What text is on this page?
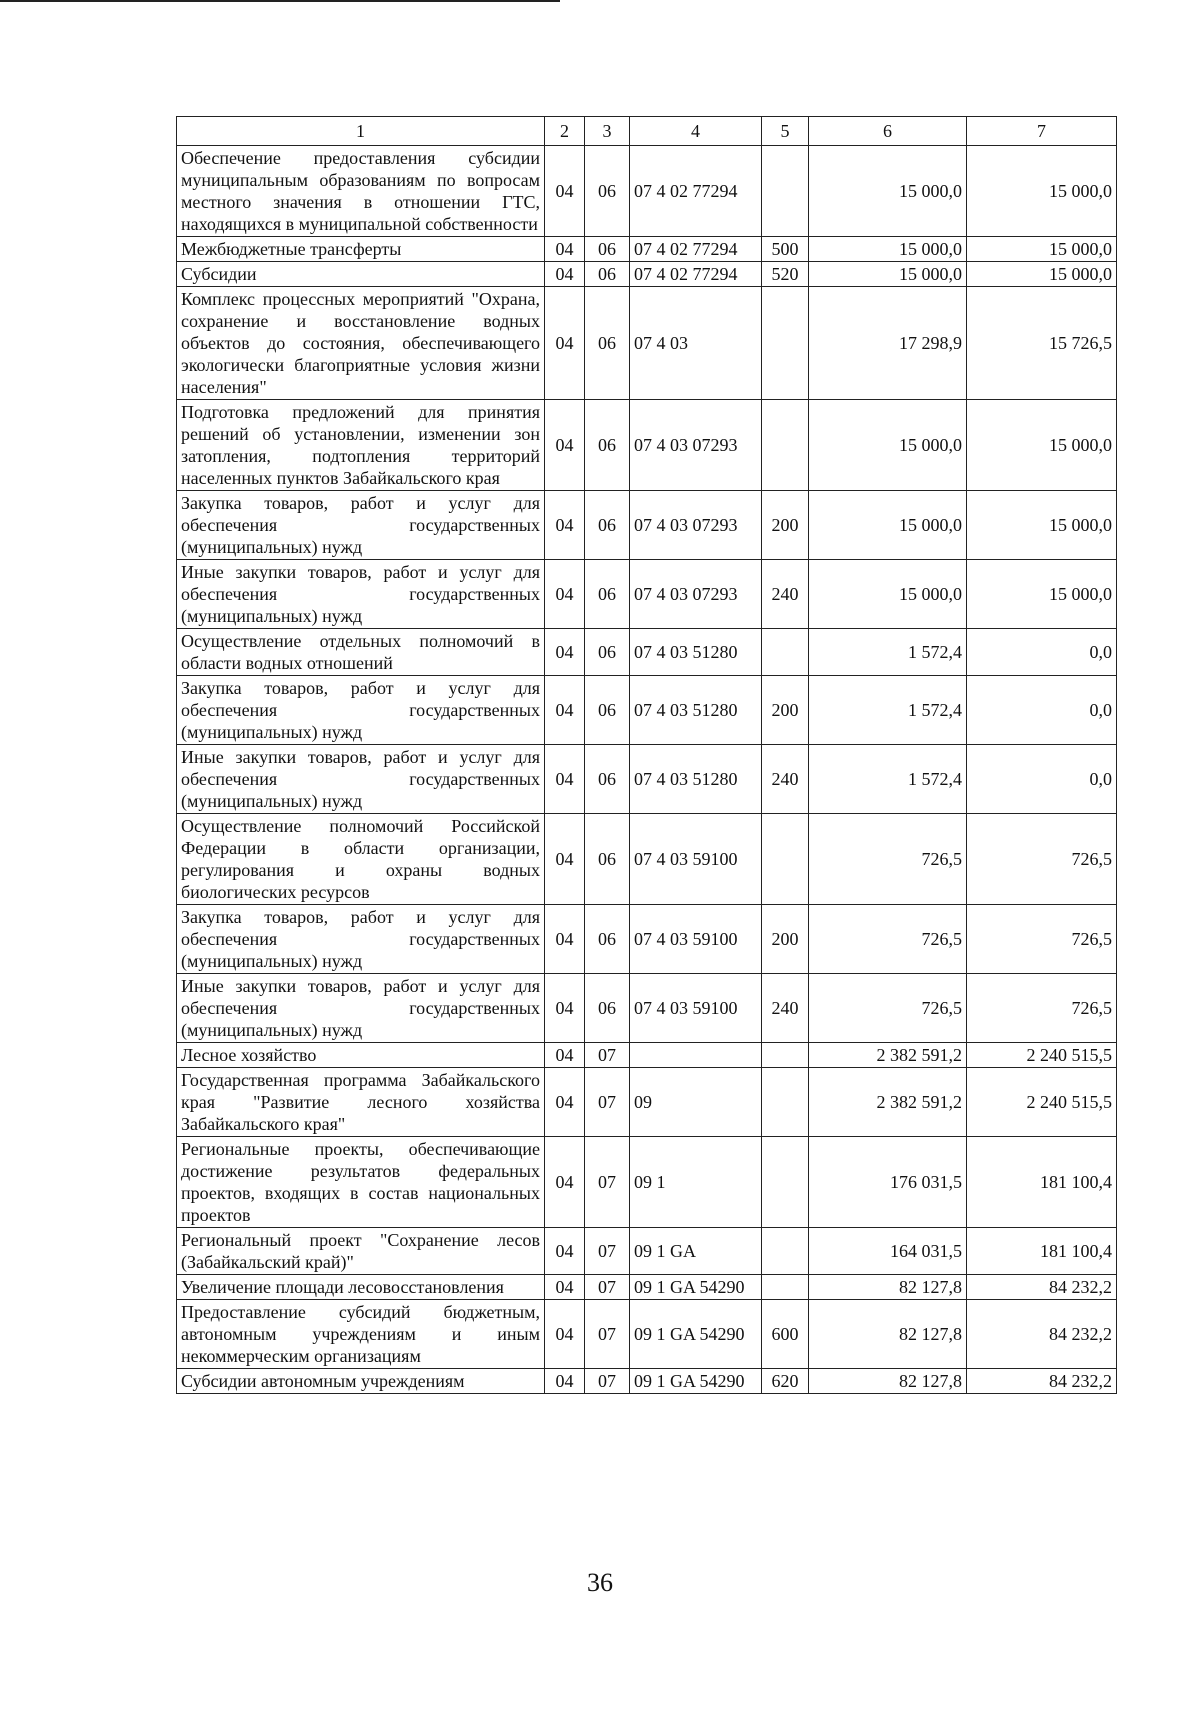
1	2	3	4	5	6	7
Обеспечение предоставления субсидии муниципальным образованиям по вопросам местного значения в отношении ГТС, находящихся в муниципальной собственности	04	06	07 4 02 77294		15 000,0	15 000,0
Межбюджетные трансферты	04	06	07 4 02 77294	500	15 000,0	15 000,0
Субсидии	04	06	07 4 02 77294	520	15 000,0	15 000,0
Комплекс процессных мероприятий "Охрана, сохранение и восстановление водных объектов до состояния, обеспечивающего экологически благоприятные условия жизни населения"	04	06	07 4 03		17 298,9	15 726,5
Подготовка предложений для принятия решений об установлении, изменении зон затопления, подтопления территорий населенных пунктов Забайкальского края	04	06	07 4 03 07293		15 000,0	15 000,0
Закупка товаров, работ и услуг для обеспечения государственных (муниципальных) нужд	04	06	07 4 03 07293	200	15 000,0	15 000,0
Иные закупки товаров, работ и услуг для обеспечения государственных (муниципальных) нужд	04	06	07 4 03 07293	240	15 000,0	15 000,0
Осуществление отдельных полномочий в области водных отношений	04	06	07 4 03 51280		1 572,4	0,0
Закупка товаров, работ и услуг для обеспечения государственных (муниципальных) нужд	04	06	07 4 03 51280	200	1 572,4	0,0
Иные закупки товаров, работ и услуг для обеспечения государственных (муниципальных) нужд	04	06	07 4 03 51280	240	1 572,4	0,0
Осуществление полномочий Российской Федерации в области организации, регулирования и охраны водных биологических ресурсов	04	06	07 4 03 59100		726,5	726,5
Закупка товаров, работ и услуг для обеспечения государственных (муниципальных) нужд	04	06	07 4 03 59100	200	726,5	726,5
Иные закупки товаров, работ и услуг для обеспечения государственных (муниципальных) нужд	04	06	07 4 03 59100	240	726,5	726,5
Лесное хозяйство	04	07			2 382 591,2	2 240 515,5
Государственная программа Забайкальского края "Развитие лесного хозяйства Забайкальского края"	04	07	09		2 382 591,2	2 240 515,5
Региональные проекты, обеспечивающие достижение результатов федеральных проектов, входящих в состав национальных проектов	04	07	09 1		176 031,5	181 100,4
Региональный проект "Сохранение лесов (Забайкальский край)"	04	07	09 1 GA		164 031,5	181 100,4
Увеличение площади лесовосстановления	04	07	09 1 GA 54290		82 127,8	84 232,2
Предоставление субсидий бюджетным, автономным учреждениям и иным некоммерческим организациям	04	07	09 1 GA 54290	600	82 127,8	84 232,2
Субсидии автономным учреждениям	04	07	09 1 GA 54290	620	82 127,8	84 232,2
36
